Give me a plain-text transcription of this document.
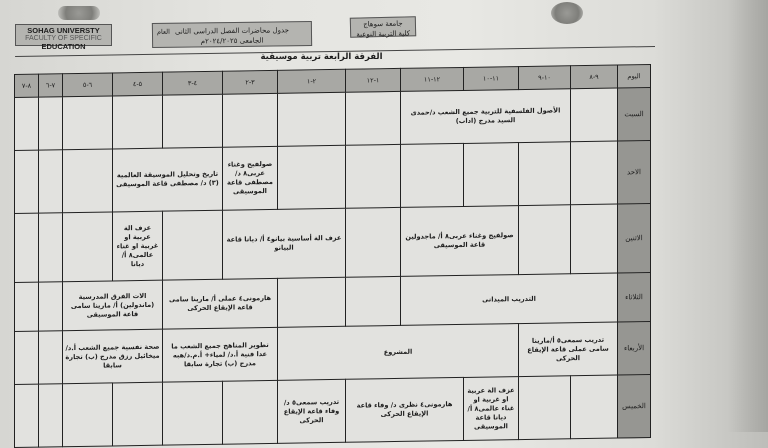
SOHAG UNIVERSTY
FACULTY OF SPECIFIC
EDUCATION
جدول محاضرات الفصل الدراسى الثانى
الجامعى ٢٠٢٤/٢٠٢٥م
العام
جامعة سوهاج
كلية التربية النوعية
الفرقة الرابعة تربية موسيقية
اليوم	٩-٨	١٠-٩	١١-١٠	١٢-١١	١-١٢	٢-١	٣-٢	٤-٣	٥-٤	٦-٥	٧-٦	٨-٧
السبت		الأصول الفلسفية للتربية جميع الشعب د/حمدى السيد مدرج (اداب)										
الاحد							صولفيج وغناء عربى٨ د/ مصطفى قاعة الموسيقى	تاريخ وتحليل الموسيقة العالمية (٣) د/ مصطفى قاعة الموسيقى				
الاثنين			صولفيج وغناء عربى٨ أ/ ماجدولين قاعة الموسيقى			عزف الة أساسية بيانو٤ أ/ ديانا قاعة البيانو			عزف الة عربية او غربية او غناء عالمى٨ أ/ ديانا			
الثلاثاء	التدريب الميدانى						هارمونى٤ عملى أ/ مارينا سامى قاعة الإيقاع الحركى		الات الفرق المدرسية (ماندولين) أ/ مارينا سامى قاعة الموسيقى			
الأربعاء	تدريب سمعى٥ أ/مارينا سامى عملى قاعة الإيقاع الحركى		المشروع				تطوير المناهج جميع الشعب ما عدا فنية أ.د/ لمياء+ أ.م.د/هبه مدرج (ب) تجارة سابقا		صحة نفسية جميع الشعب أ.د/ ميخائيل رزق مدرج (ب) تجارة سابقا			
الخميس			عزف الة عربية او غربية او غناء عالمى٨ أ/ ديانا قاعة الموسيقى	هارمونى٤ نظرى د/ وفاء قاعة الإيقاع الحركى		تدريب سمعى٥ د/ وفاء قاعة الإيقاع الحركى						
